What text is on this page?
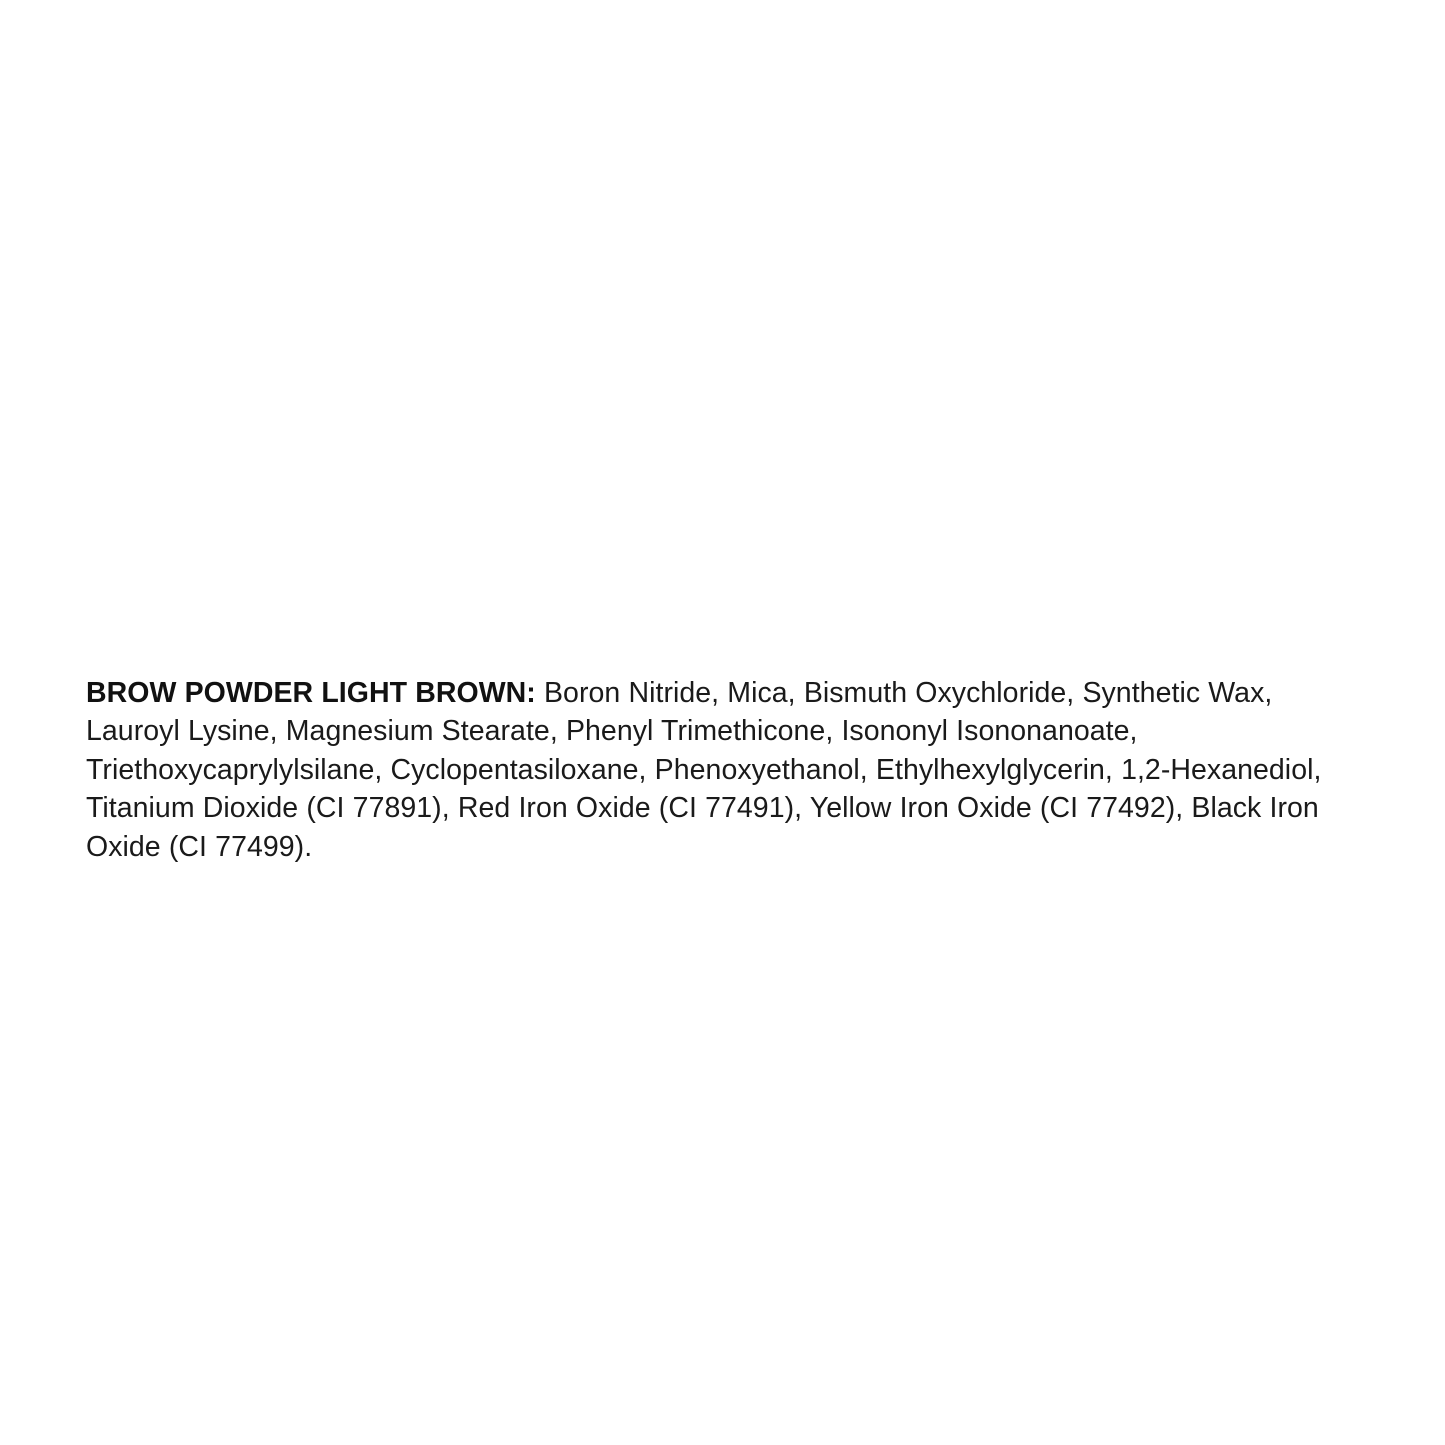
BROW POWDER LIGHT BROWN: Boron Nitride, Mica, Bismuth Oxychloride, Synthetic Wax, Lauroyl Lysine, Magnesium Stearate, Phenyl Trimethicone, Isononyl Isononanoate, Triethoxycaprylylsilane, Cyclopentasiloxane, Phenoxyethanol, Ethylhexylglycerin, 1,2-Hexanediol, Titanium Dioxide (CI 77891), Red Iron Oxide (CI 77491), Yellow Iron Oxide (CI 77492), Black Iron Oxide (CI 77499).
